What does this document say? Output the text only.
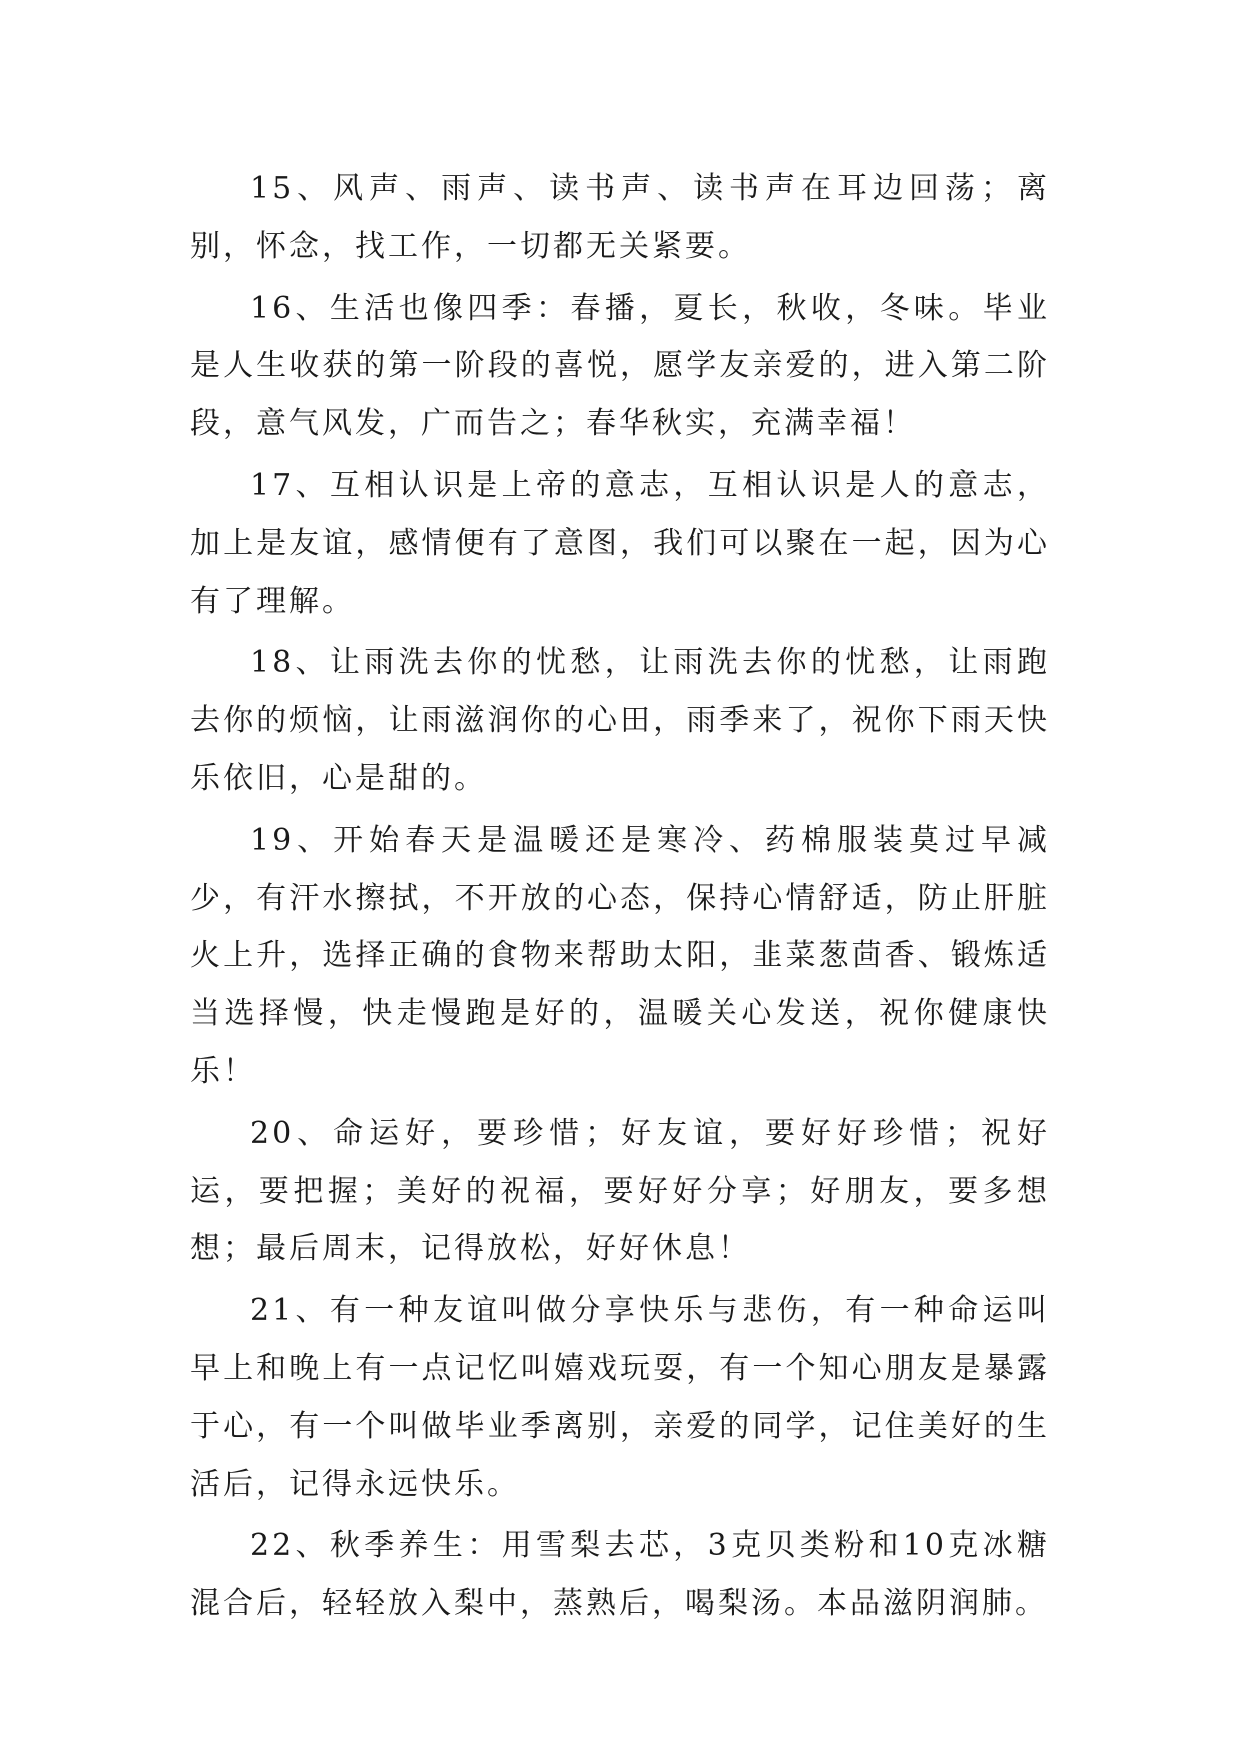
15、风声、雨声、读书声、读书声在耳边回荡；离别，怀念，找工作，一切都无关紧要。

16、生活也像四季：春播，夏长，秋收，冬味。毕业是人生收获的第一阶段的喜悦，愿学友亲爱的，进入第二阶段，意气风发，广而告之；春华秋实，充满幸福！

17、互相认识是上帝的意志，互相认识是人的意志，加上是友谊，感情便有了意图，我们可以聚在一起，因为心有了理解。

18、让雨洗去你的忧愁，让雨洗去你的忧愁，让雨跑去你的烦恼，让雨滋润你的心田，雨季来了，祝你下雨天快乐依旧，心是甜的。

19、开始春天是温暖还是寒冷、药棉服装莫过早减少，有汗水擦拭，不开放的心态，保持心情舒适，防止肝脏火上升，选择正确的食物来帮助太阳，韭菜葱茴香、锻炼适当选择慢，快走慢跑是好的，温暖关心发送，祝你健康快乐！

20、命运好，要珍惜；好友谊，要好好珍惜；祝好运，要把握；美好的祝福，要好好分享；好朋友，要多想想；最后周末，记得放松，好好休息！

21、有一种友谊叫做分享快乐与悲伤，有一种命运叫早上和晚上有一点记忆叫嬉戏玩耍，有一个知心朋友是暴露于心，有一个叫做毕业季离别，亲爱的同学，记住美好的生活后，记得永远快乐。

22、秋季养生：用雪梨去芯，3克贝类粉和10克冰糖混合后，轻轻放入梨中，蒸熟后，喝梨汤。本品滋阴润肺。
